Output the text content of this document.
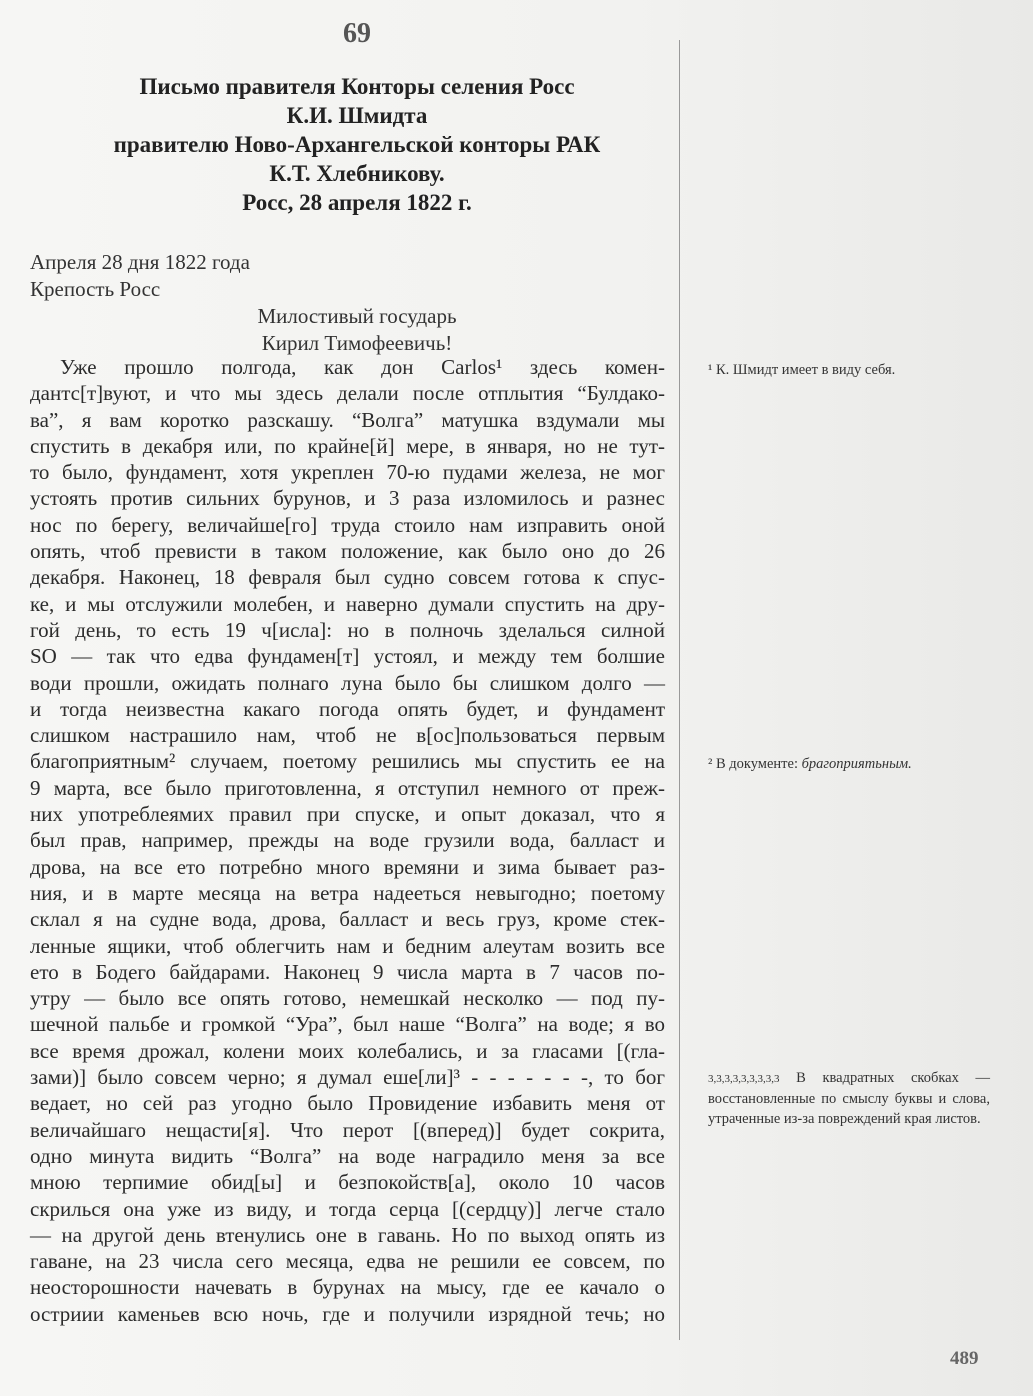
69
Письмо правителя Конторы селения Росс
К.И. Шмидта
правителю Ново-Архангельской конторы РАК
К.Т. Хлебникову.
Росс, 28 апреля 1822 г.
Апреля 28 дня 1822 года
Крепость Росс
Милостивый государь
Кирил Тимофеевичь!
Уже прошло полгода, как дон Carlos¹ здесь комен-
дантс[т]вуют, и что мы здесь делали после отплытия “Булдако-
ва”, я вам коротко разскашу. “Волга” матушка вздумали мы
спустить в декабря или, по крайне[й] мере, в января, но не тут-
то было, фундамент, хотя укреплен 70-ю пудами железа, не мог
устоять против сильних бурунов, и 3 раза изломилось и разнес
нос по берегу, величайше[го] труда стоило нам изправить оной
опять, чтоб превисти в таком положение, как было оно до 26
декабря. Наконец, 18 февраля был судно совсем готова к спус-
ке, и мы отслужили молебен, и наверно думали спустить на дру-
гой день, то есть 19 ч[исла]: но в полночь зделалься силной
SO — так что едва фундамен[т] устоял, и между тем болшие
води прошли, ожидать полнаго луна было бы слишком долго —
и тогда неизвестна какаго погода опять будет, и фундамент
слишком настрашило нам, чтоб не в[ос]пользоваться первым
благоприятным² случаем, поетому решились мы спустить ее на
9 марта, все было приготовленна, я отступил немного от преж-
них употреблеямих правил при спуске, и опыт доказал, что я
был прав, например, прежды на воде грузили вода, балласт и
дрова, на все ето потребно много времяни и зима бывает раз-
ния, и в марте месяца на ветра надееться невыгодно; поетому
склал я на судне вода, дрова, балласт и весь груз, кроме стек-
ленные ящики, чтоб облегчить нам и бедним алеутам возить все
ето в Бодего байдарами. Наконец 9 числа марта в 7 часов по-
утру — было все опять готово, немешкай несколко — под пу-
шечной пальбе и громкой “Ура”, был наше “Волга” на воде; я во
все время дрожал, колени моих колебались, и за гласами [(гла-
зами)] было совсем черно; я думал еше[ли]³ - - - - - - -, то бог
ведает, но сей раз угодно было Провидение избавить меня от
величайшаго нещасти[я]. Что перот [(вперед)] будет сокрита,
одно минута видить “Волга” на воде наградило меня за все
мною терпимие обид[ы] и безпокойств[а], около 10 часов
скрилься она уже из виду, и тогда серца [(сердцу)] легче стало
— на другой день втенулись оне в гавань. Но по выход опять из
гаване, на 23 числа сего месяца, едва не решили ее совсем, по
неосторошности начевать в бурунах на мысу, где ее качало о
остриии каменьев всю ночь, где и получили изрядной течь; но
¹ К. Шмидт имеет в виду себя.
² В документе: брагоприятьным.
3,3,3,3,3,3,3,3,3 В квадратных скобках — восстановленные по смыслу буквы и слова, утраченные из-за повреждений края листов.
489
